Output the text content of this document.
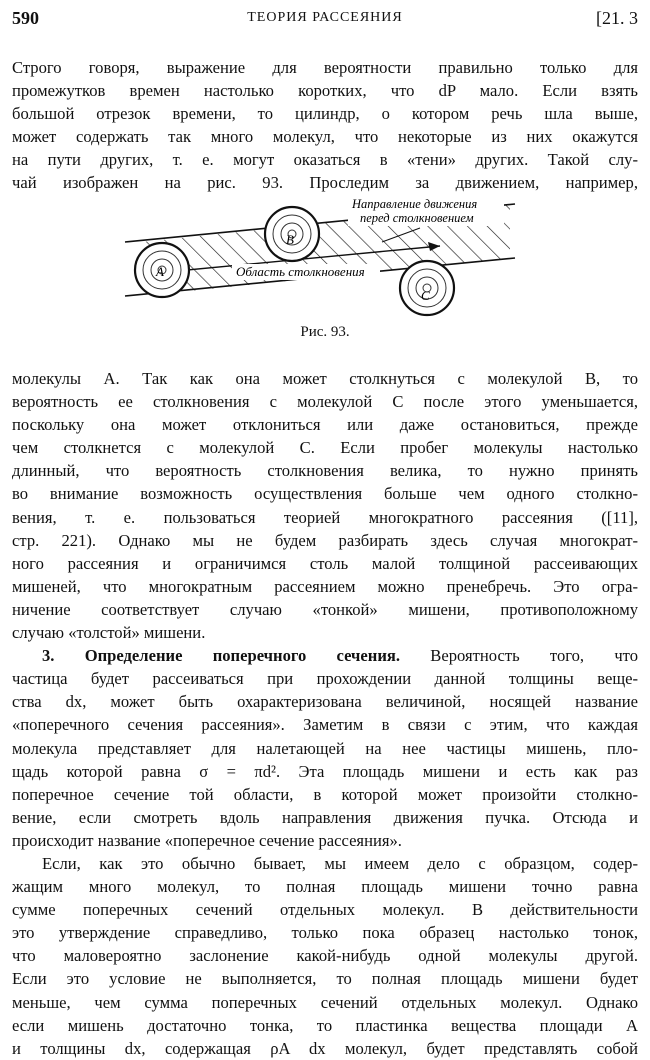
590	ТЕОРИЯ РАССЕЯНИЯ	[21. 3
Строго говоря, выражение для вероятности правильно только для
промежутков времен настолько коротких, что dP мало. Если взять
большой отрезок времени, то цилиндр, о котором речь шла выше,
может содержать так много молекул, что некоторые из них окажутся
на пути других, т. е. могут оказаться в «тени» других. Такой слу-
чай изображен на рис. 93. Проследим за движением, например,
Область столкновения
Направление движения
перед столкновением
A
B
C
Рис. 93.
молекулы A. Так как она может столкнуться с молекулой B, то
вероятность ее столкновения с молекулой C после этого уменьшается,
поскольку она может отклониться или даже остановиться, прежде
чем столкнется с молекулой C. Если пробег молекулы настолько
длинный, что вероятность столкновения велика, то нужно принять
во внимание возможность осуществления больше чем одного столкно-
вения, т. е. пользоваться теорией многократного рассеяния ([11],
стр. 221). Однако мы не будем разбирать здесь случая многократ-
ного рассеяния и ограничимся столь малой толщиной рассеивающих
мишеней, что многократным рассеянием можно пренебречь. Это огра-
ничение соответствует случаю «тонкой» мишени, противоположному
случаю «толстой» мишени.
3. Определение поперечного сечения. Вероятность того, что
частица будет рассеиваться при прохождении данной толщины веще-
ства dx, может быть охарактеризована величиной, носящей название
«поперечного сечения рассеяния». Заметим в связи с этим, что каждая
молекула представляет для налетающей на нее частицы мишень, пло-
щадь которой равна σ = πd². Эта площадь мишени и есть как раз
поперечное сечение той области, в которой может произойти столкно-
вение, если смотреть вдоль направления движения пучка. Отсюда и
происходит название «поперечное сечение рассеяния».
Если, как это обычно бывает, мы имеем дело с образцом, содер-
жащим много молекул, то полная площадь мишени точно равна
сумме поперечных сечений отдельных молекул. В действительности
это утверждение справедливо, только пока образец настолько тонок,
что маловероятно заслонение какой-нибудь одной молекулы другой.
Если это условие не выполняется, то полная площадь мишени будет
меньше, чем сумма поперечных сечений отдельных молекул. Однако
если мишень достаточно тонка, то пластинка вещества площади A
и толщины dx, содержащая ρA dx молекул, будет представлять собой
